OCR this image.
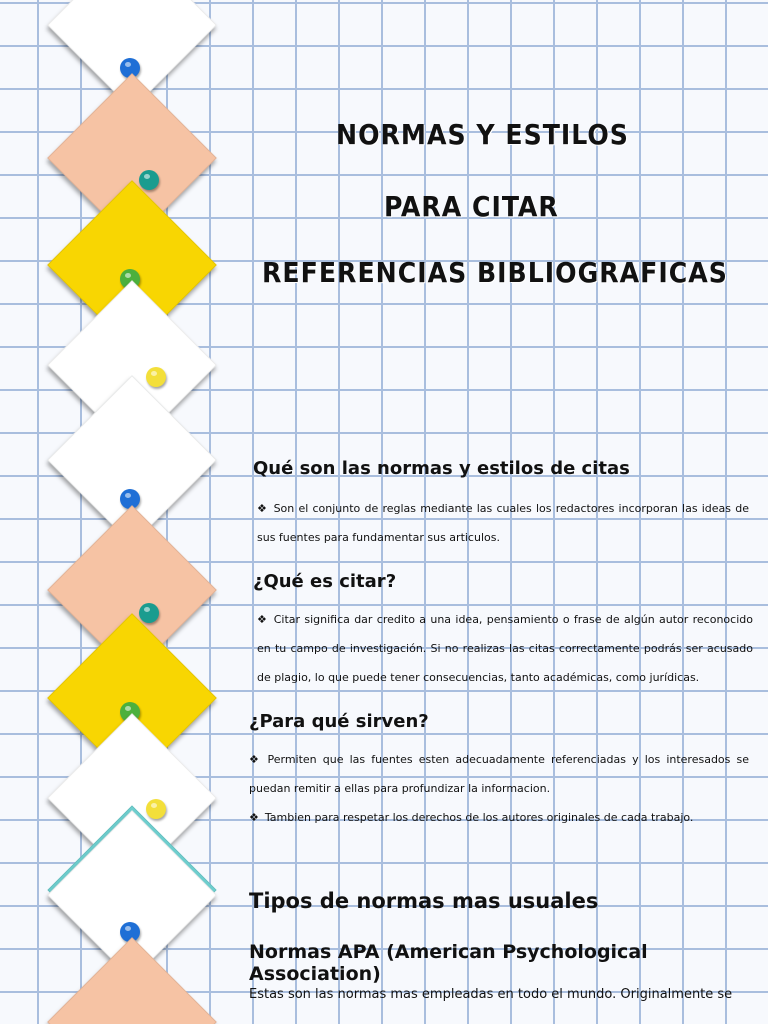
NORMAS Y ESTILOS
PARA CITAR
REFERENCIAS BIBLIOGRAFICAS
Qué son las normas y estilos de citas

❖ Son el conjunto de reglas mediante las cuales los redactores incorporan las ideas de sus fuentes para fundamentar sus articulos.

¿Qué es citar?

❖ Citar significa dar credito a una idea, pensamiento o frase de algún autor reconocido en tu campo de investigación. Si no realizas las citas correctamente podrás ser acusado de plagio, lo que puede tener consecuencias, tanto académicas, como jurídicas.

¿Para qué sirven?

❖ Permiten que las fuentes esten adecuadamente referenciadas y los interesados se puedan remitir a ellas para profundizar la informacion.

❖ Tambien para respetar los derechos de los autores originales de cada trabajo.

Tipos de normas mas usuales
Normas APA (American Psychological Association)

Estas son las normas mas empleadas en todo el mundo. Originalmente se
